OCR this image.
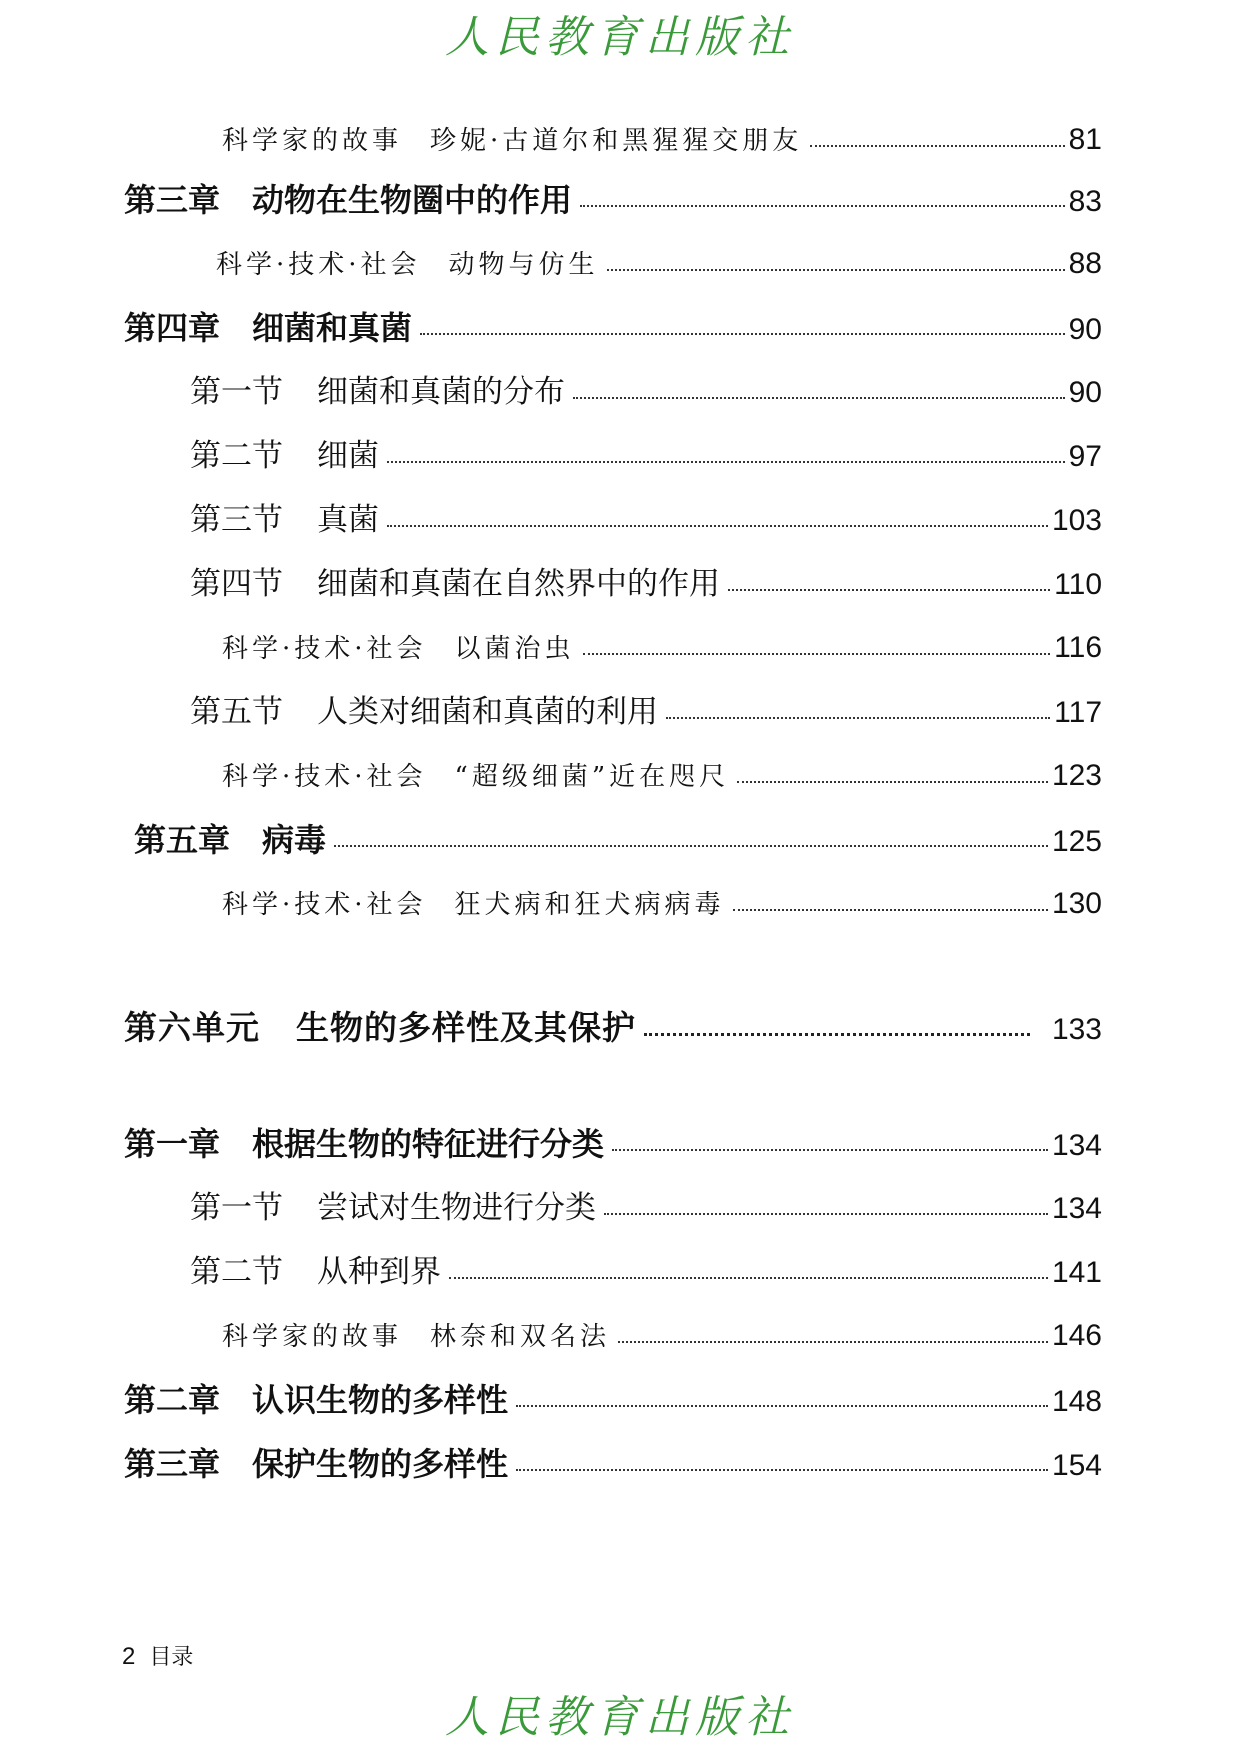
人民教育出版社
科学家的故事 珍妮·古道尔和黑猩猩交朋友	81
第三章 动物在生物圈中的作用	83
科学·技术·社会 动物与仿生	88
第四章 细菌和真菌	90
第一节 细菌和真菌的分布	90
第二节 细菌	97
第三节 真菌	103
第四节 细菌和真菌在自然界中的作用	110
科学·技术·社会 以菌治虫	116
第五节 人类对细菌和真菌的利用	117
科学·技术·社会 “超级细菌”近在咫尺	123
第五章 病毒	125
科学·技术·社会 狂犬病和狂犬病病毒	130
第六单元 生物的多样性及其保护	133
第一章 根据生物的特征进行分类	134
第一节 尝试对生物进行分类	134
第二节 从种到界	141
科学家的故事 林奈和双名法	146
第二章 认识生物的多样性	148
第三章 保护生物的多样性	154
2 目录
人民教育出版社
